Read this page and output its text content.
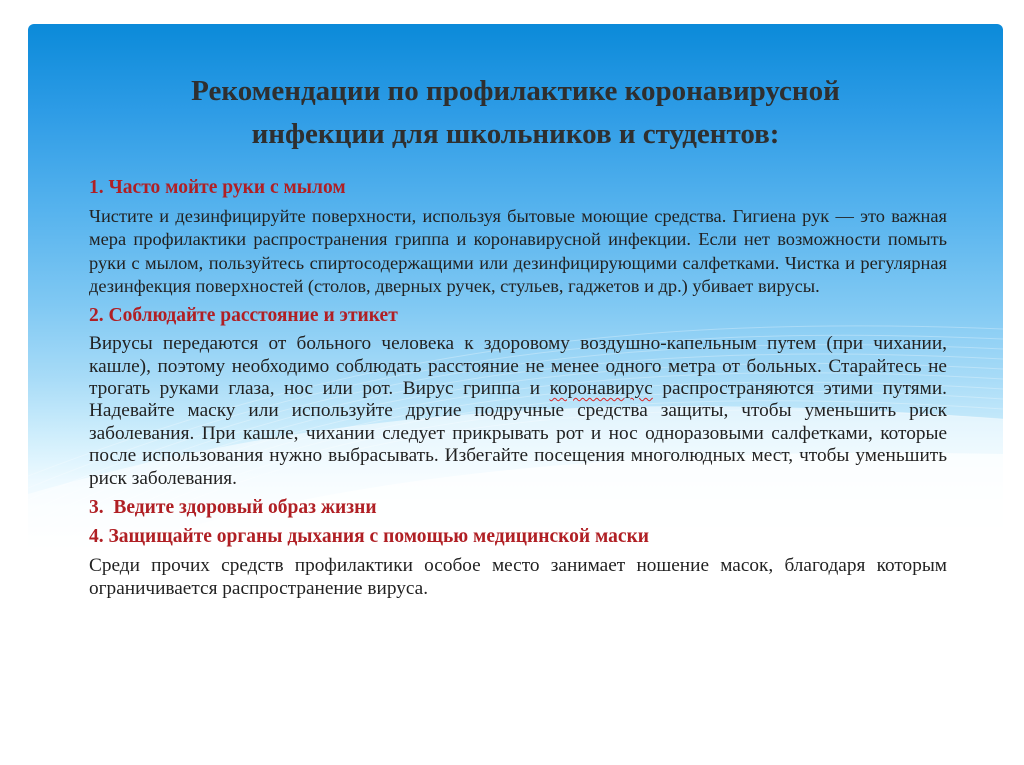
Рекомендации по профилактике коронавирусной
инфекции для школьников и студентов:
1. Часто мойте руки с мылом
Чистите и дезинфицируйте поверхности, используя бытовые моющие средства. Гигиена рук — это важная мера профилактики распространения гриппа и коронавирусной инфекции. Если нет возможности помыть руки с мылом, пользуйтесь спиртосодержащими или дезинфицирующими салфетками. Чистка и регулярная дезинфекция поверхностей (столов, дверных ручек, стульев, гаджетов и др.) убивает вирусы.
2. Соблюдайте расстояние и этикет
Вирусы передаются от больного человека к здоровому воздушно-капельным путем (при чихании, кашле), поэтому необходимо соблюдать расстояние не менее одного метра от больных. Старайтесь не трогать руками глаза, нос или рот. Вирус гриппа и коронавирус распространяются этими путями. Надевайте маску или используйте другие подручные средства защиты, чтобы уменьшить риск заболевания. При кашле, чихании следует прикрывать рот и нос одноразовыми салфетками, которые после использования нужно выбрасывать. Избегайте посещения многолюдных мест, чтобы уменьшить риск заболевания.
3.  Ведите здоровый образ жизни
4. Защищайте органы дыхания с помощью медицинской маски
Среди прочих средств профилактики особое место занимает ношение масок, благодаря которым ограничивается распространение вируса.
